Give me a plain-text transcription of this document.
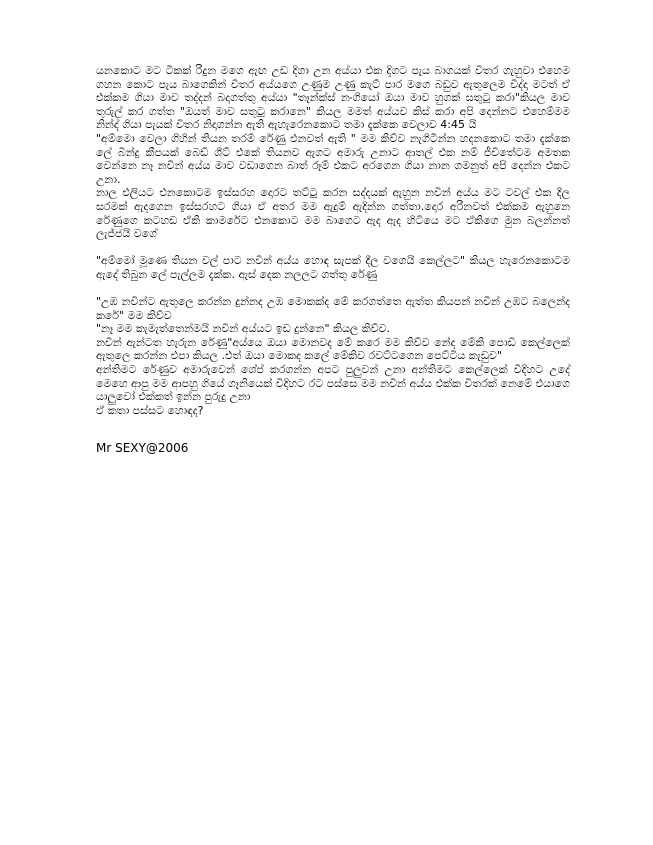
යනකොට මට ටිකක් රිදුන මගෙ ඇඟ උඩ දිගා උන අය්යා එක දිගට පැය බාගයක් විතර ගැහුවා එහෙම ගහන කොට පැය බාගෙකින් විතර අය්යගෙ උණුම උණු කැට් පාර මගෙ බඩුව ඇතුලෙම විද්දා මටත් ඒ එක්කම ගියා මාව තද්දන් බදාගත්තු අය්යා "තෑන්ක්ස් නංගියෝ ඔයා මාව හුගක් සතුටු කරා"කියල මාව තුරුල් කර ගත්ත "ඔයත් මාව සතුටු කරානෙ" කියල මමත් අය්යව කිස් කරා අපි දෙන්නට එහෙම්මම නින්ද් ගියා පැයක් විතර නිදාගන්න ඇති ඇහැරෙනකොට තමා දැක්කෙ වෙලාව 4:45 යි

"අම්මො වෙලා ගිහින් තියන තරම් රේණු එනවත් ඇති " මම කිව්ව නැගිටින්න හදනකොට තමා දැක්කෙ ලේ බින්දු කීපයක් බෙඩ් ශීට් එකේ තියනව ඇගට අමාරු උනාට ආතල් එක නම් ජීවිතේටම අමතක වෙන්නෙ නෑ නවින් අය්ය මාව වඩාගෙන බාත් රූම් එකට අරගෙන ගියා නාන ගමනුත් අපි දෙන්න එකට උනා.

නාල එලියට එනකොටම ඉස්සරහ දොරට තට්ටු කරන සද්දයක් ඇහුන නවින් අය්ය මට ටවල් එක දීල සරමක් ඇදගෙන ඉස්සරහට ගියා ඒ අතර මම ඇදුම් ඇදින්න ගත්තා.දොර අරිනවත් එක්කම ඇහුනෙ රේණුගෙ කටහඩ ඒකි කාමරේට එනකොට මම බාගෙට ඇද ඇද හිටියෙ මට ඒකිගෙ මුන බලන්නත් ලැජ්ජයි වගේ

"අම්මෝ මූණෙ තියන වල් පාට නවින් අය්ය හොඳ සැපක් දීල වගෙයි කෙල්ලට" කියල හැරෙනකොටම ඇදේ තිබුන ලේ පැල්ලම දැක්ක. ඇස් දෙක නලලට ගත්තු රේණු

"උඹ නවින්ට ඇතුලෙ කරන්න දුන්නද උඹ මොකක්ද මේ කරගත්තෙ ඇත්ත කියපන් නවින් උඹට බලෙන්ද කරේ" මම කිව්ව

"නෑ මම කැමැත්තෙන්මයි නවින් අය්යට ඉඩ දුන්නෙ" කියල කිව්ව.

නවින් ඇන්ටත හැරුන රේණු"අය්යෙ ඔයා මොනවද මේ කරෙ මම කිව්ව නේද මේකි පොඩි කෙල්ලෙක් ඇතුලෙ කරන්න එපා කියල .එත් ඔයා මොකද කලේ මේකිව රවට්ටගෙන පෙට්ටිය කැඩුව"

අන්තිමට රේණුව අමාරුවෙන් ශේප් කරගන්න අපට පුලුවන් උනා අන්තිමට කෙල්ලෙක් විදිහට උදේ මෙහෙ ආපු මම ආපහු ගියේ ගෑනියෙක් විදිහට රට පස්සෙ මම නවින් අය්ය එක්ක විතරක් නෙමේ එයාගෙ යාලුවෝ එක්කත් ඉන්න පුරුදු උනා

ඒ කතා පස්සට හොඳද?

Mr SEXY@2006
